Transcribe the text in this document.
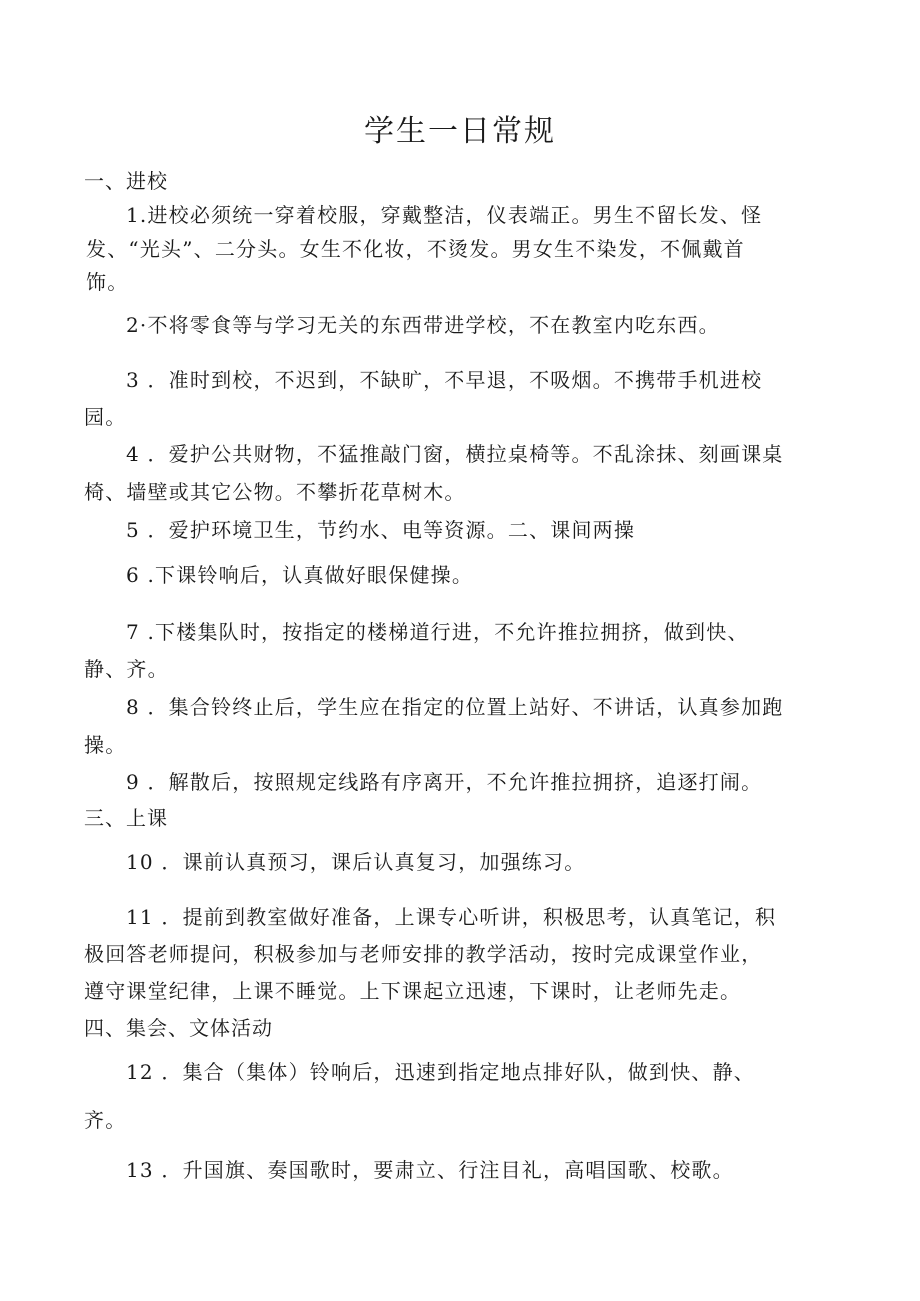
学生一日常规
一、进校
1.进校必须统一穿着校服，穿戴整洁，仪表端正。男生不留长发、怪
发、“光头”、二分头。女生不化妆，不烫发。男女生不染发，不佩戴首
饰。
2·不将零食等与学习无关的东西带进学校，不在教室内吃东西。
3 ．准时到校，不迟到，不缺旷，不早退，不吸烟。不携带手机进校
园。
4 ．爱护公共财物，不猛推敲门窗，横拉桌椅等。不乱涂抹、刻画课桌
椅、墙壁或其它公物。不攀折花草树木。
5 ．爱护环境卫生，节约水、电等资源。二、课间两操
6 .下课铃响后，认真做好眼保健操。
7 .下楼集队时，按指定的楼梯道行进，不允许推拉拥挤，做到快、
静、齐。
8 ．集合铃终止后，学生应在指定的位置上站好、不讲话，认真参加跑
操。
9 ．解散后，按照规定线路有序离开，不允许推拉拥挤，追逐打闹。
三、上课
10 ．课前认真预习，课后认真复习，加强练习。
11 ．提前到教室做好准备，上课专心听讲，积极思考，认真笔记，积
极回答老师提问，积极参加与老师安排的教学活动，按时完成课堂作业，
遵守课堂纪律，上课不睡觉。上下课起立迅速，下课时，让老师先走。
四、集会、文体活动
12 ．集合（集体）铃响后，迅速到指定地点排好队，做到快、静、
齐。
13 ．升国旗、奏国歌时，要肃立、行注目礼，高唱国歌、校歌。
